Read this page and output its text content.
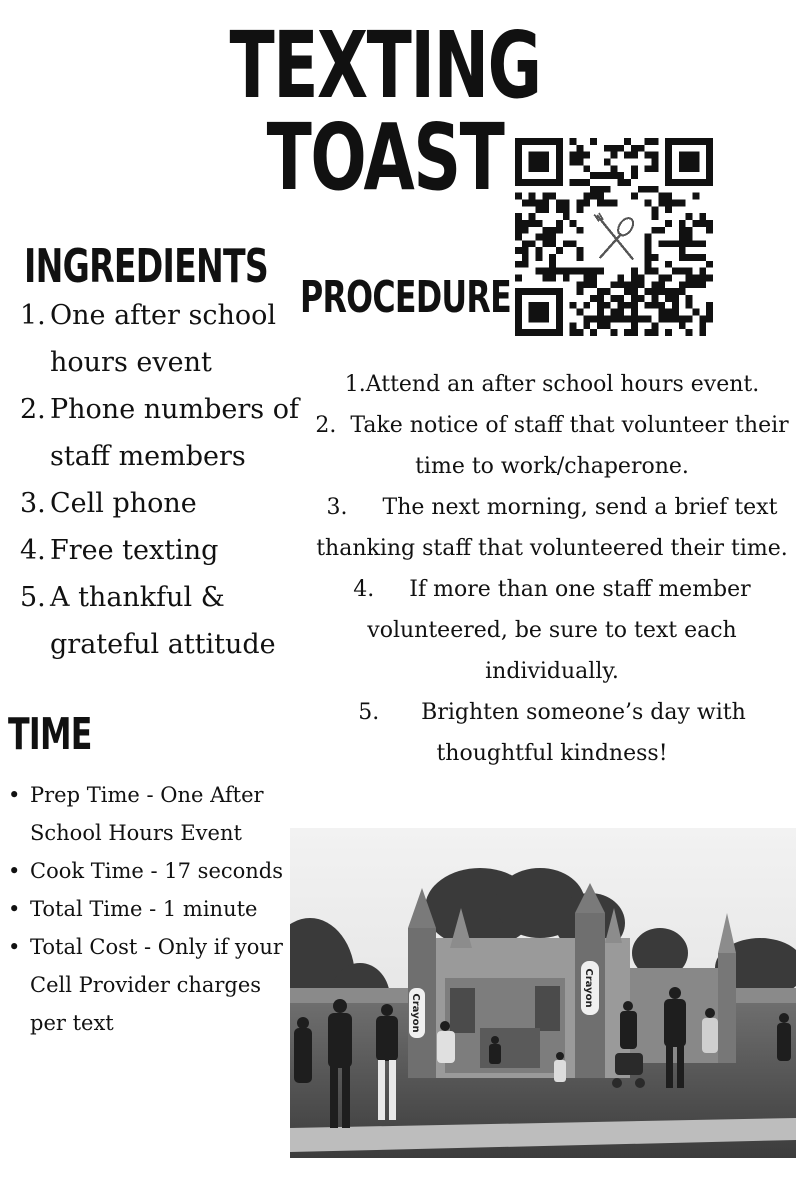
TEXTING TOAST
INGREDIENTS
1. One after school hours event
2. Phone numbers of staff members
3. Cell phone
4. Free texting
5. A thankful & grateful attitude
PROCEDURE
1.Attend an after school hours event.
2. Take notice of staff that volunteer their time to work/chaperone.
3. The next morning, send a brief text thanking staff that volunteered their time.
4. If more than one staff member volunteered, be sure to text each individually.
5. Brighten someone’s day with thoughtful kindness!
TIME
• Prep Time - One After School Hours Event
• Cook Time - 17 seconds
• Total Time - 1 minute
• Total Cost - Only if your Cell Provider charges per text	Crayon
Crayon
